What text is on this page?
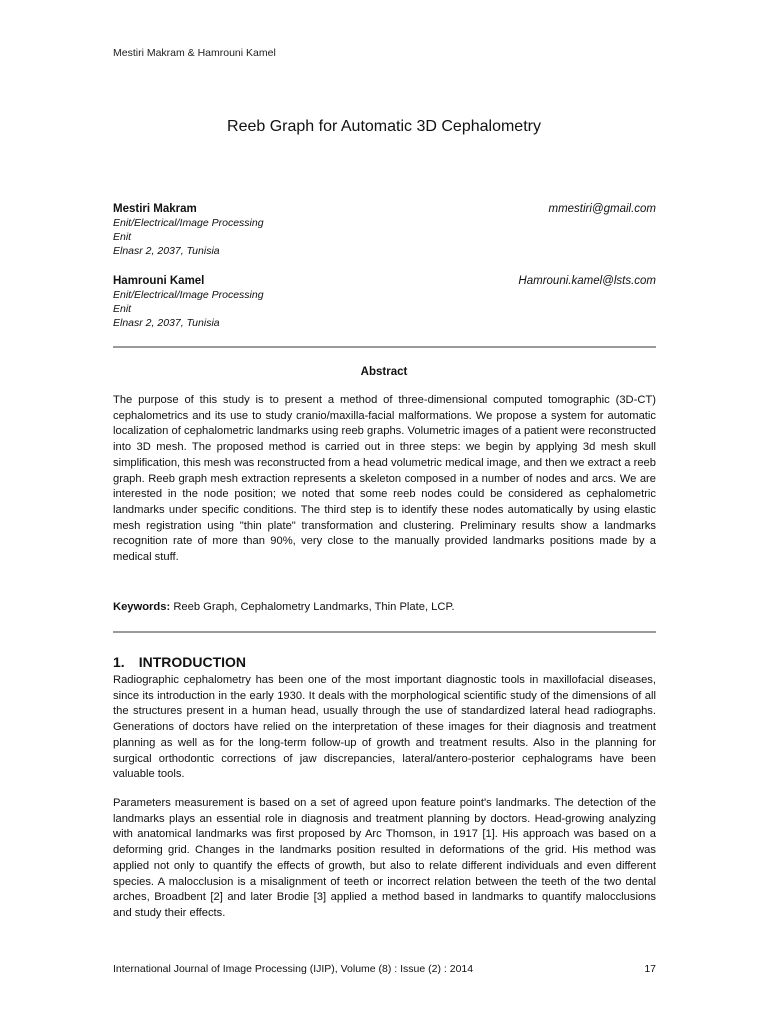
Mestiri Makram & Hamrouni Kamel
Reeb Graph for Automatic 3D Cephalometry
Mestiri Makram	mmestiri@gmail.com
Enit/Electrical/Image Processing
Enit
Elnasr 2, 2037, Tunisia
Hamrouni Kamel	Hamrouni.kamel@lsts.com
Enit/Electrical/Image Processing
Enit
Elnasr 2, 2037, Tunisia
Abstract
The purpose of this study is to present a method of three-dimensional computed tomographic (3D-CT) cephalometrics and its use to study cranio/maxilla-facial malformations. We propose a system for automatic localization of cephalometric landmarks using reeb graphs. Volumetric images of a patient were reconstructed into 3D mesh. The proposed method is carried out in three steps: we begin by applying 3d mesh skull simplification, this mesh was reconstructed from a head volumetric medical image, and then we extract a reeb graph. Reeb graph mesh extraction represents a skeleton composed in a number of nodes and arcs. We are interested in the node position; we noted that some reeb nodes could be considered as cephalometric landmarks under specific conditions. The third step is to identify these nodes automatically by using elastic mesh registration using "thin plate" transformation and clustering. Preliminary results show a landmarks recognition rate of more than 90%, very close to the manually provided landmarks positions made by a medical stuff.
Keywords: Reeb Graph, Cephalometry Landmarks, Thin Plate, LCP.
1. INTRODUCTION
Radiographic cephalometry has been one of the most important diagnostic tools in maxillofacial diseases, since its introduction in the early 1930. It deals with the morphological scientific study of the dimensions of all the structures present in a human head, usually through the use of standardized lateral head radiographs. Generations of doctors have relied on the interpretation of these images for their diagnosis and treatment planning as well as for the long-term follow-up of growth and treatment results. Also in the planning for surgical orthodontic corrections of jaw discrepancies, lateral/antero-posterior cephalograms have been valuable tools.
Parameters measurement is based on a set of agreed upon feature point's landmarks. The detection of the landmarks plays an essential role in diagnosis and treatment planning by doctors. Head-growing analyzing with anatomical landmarks was first proposed by Arc Thomson, in 1917 [1]. His approach was based on a deforming grid. Changes in the landmarks position resulted in deformations of the grid. His method was applied not only to quantify the effects of growth, but also to relate different individuals and even different species. A malocclusion is a misalignment of teeth or incorrect relation between the teeth of the two dental arches, Broadbent [2] and later Brodie [3] applied a method based in landmarks to quantify malocclusions and study their effects.
International Journal of Image Processing (IJIP), Volume (8) : Issue (2) : 2014	17
